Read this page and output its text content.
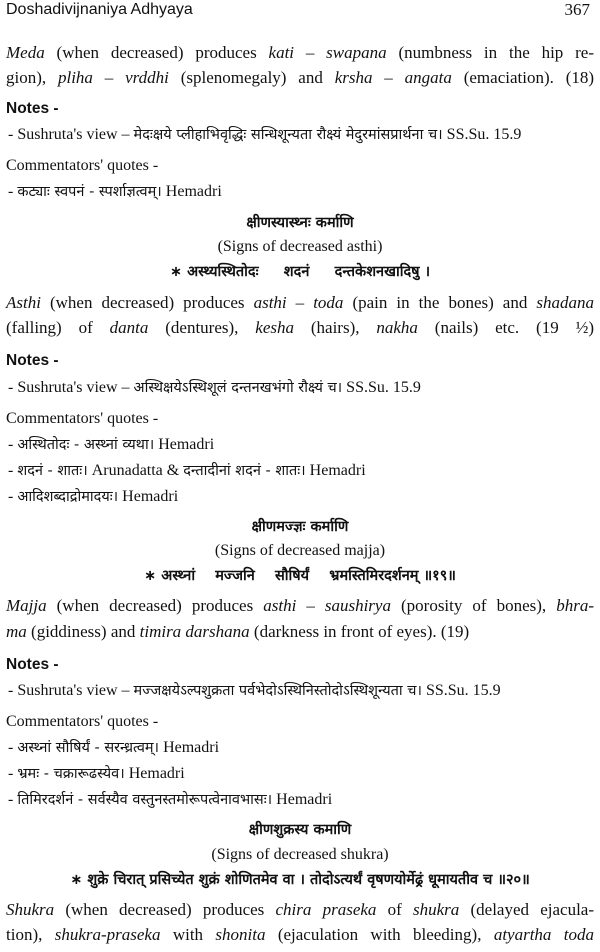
Doshadivijnaniya Adhyaya	367
Meda (when decreased) produces kati – swapana (numbness in the hip re-
gion), pliha – vrddhi (splenomegaly) and krsha – angata (emaciation). (18)
Notes -
- Sushruta's view – मेदःक्षये प्लीहाभिवृद्धिः सन्धिशून्यता रौक्ष्यं मेदुरमांसप्रार्थना च। SS.Su. 15.9
Commentators' quotes -
- कट्याः स्वपनं - स्पर्शाज्ञत्वम्। Hemadri
क्षीणस्यास्थ्नः कर्माणि
(Signs of decreased asthi)
∗ अस्थ्यस्थितोदः     शदनं     दन्तकेशनखादिषु ।
Asthi (when decreased) produces asthi – toda (pain in the bones) and shadana
(falling) of danta (dentures), kesha (hairs), nakha (nails) etc. (19 ½)
Notes -
- Sushruta's view – अस्थिक्षयेऽस्थिशूलं दन्तनखभंगो रौक्ष्यं च। SS.Su. 15.9
Commentators' quotes -
- अस्थितोदः - अस्थ्नां व्यथा। Hemadri
- शदनं - शातः। Arunadatta & दन्तादीनां शदनं - शातः। Hemadri
- आदिशब्दाद्रोमादयः। Hemadri
क्षीणमज्ज्ञः कर्माणि
(Signs of decreased majja)
∗ अस्थ्नां    मज्जनि    सौषिर्यं    भ्रमस्तिमिरदर्शनम् ॥१९॥
Majja (when decreased) produces asthi – saushirya (porosity of bones), bhra-
ma (giddiness) and timira darshana (darkness in front of eyes). (19)
Notes -
- Sushruta's view – मज्जक्षयेऽल्पशुक्रता पर्वभेदोऽस्थिनिस्तोदोऽस्थिशून्यता च। SS.Su. 15.9
Commentators' quotes -
- अस्थ्नां सौषिर्यं - सरन्ध्रत्वम्। Hemadri
- भ्रमः - चक्रारूढस्येव। Hemadri
- तिमिरदर्शनं - सर्वस्यैव वस्तुनस्तमोरूपत्वेनावभासः। Hemadri
क्षीणशुक्रस्य कमाणि
(Signs of decreased shukra)
∗ शुक्रे चिरात् प्रसिच्येत शुक्रं शोणितमेव वा । तोदोऽत्यर्थं वृषणयोर्मेढ्रं धूमायतीव च ॥२०॥
Shukra (when decreased) produces chira praseka of shukra (delayed ejacula-
tion), shukra-praseka with shonita (ejaculation with bleeding), atyartha toda
